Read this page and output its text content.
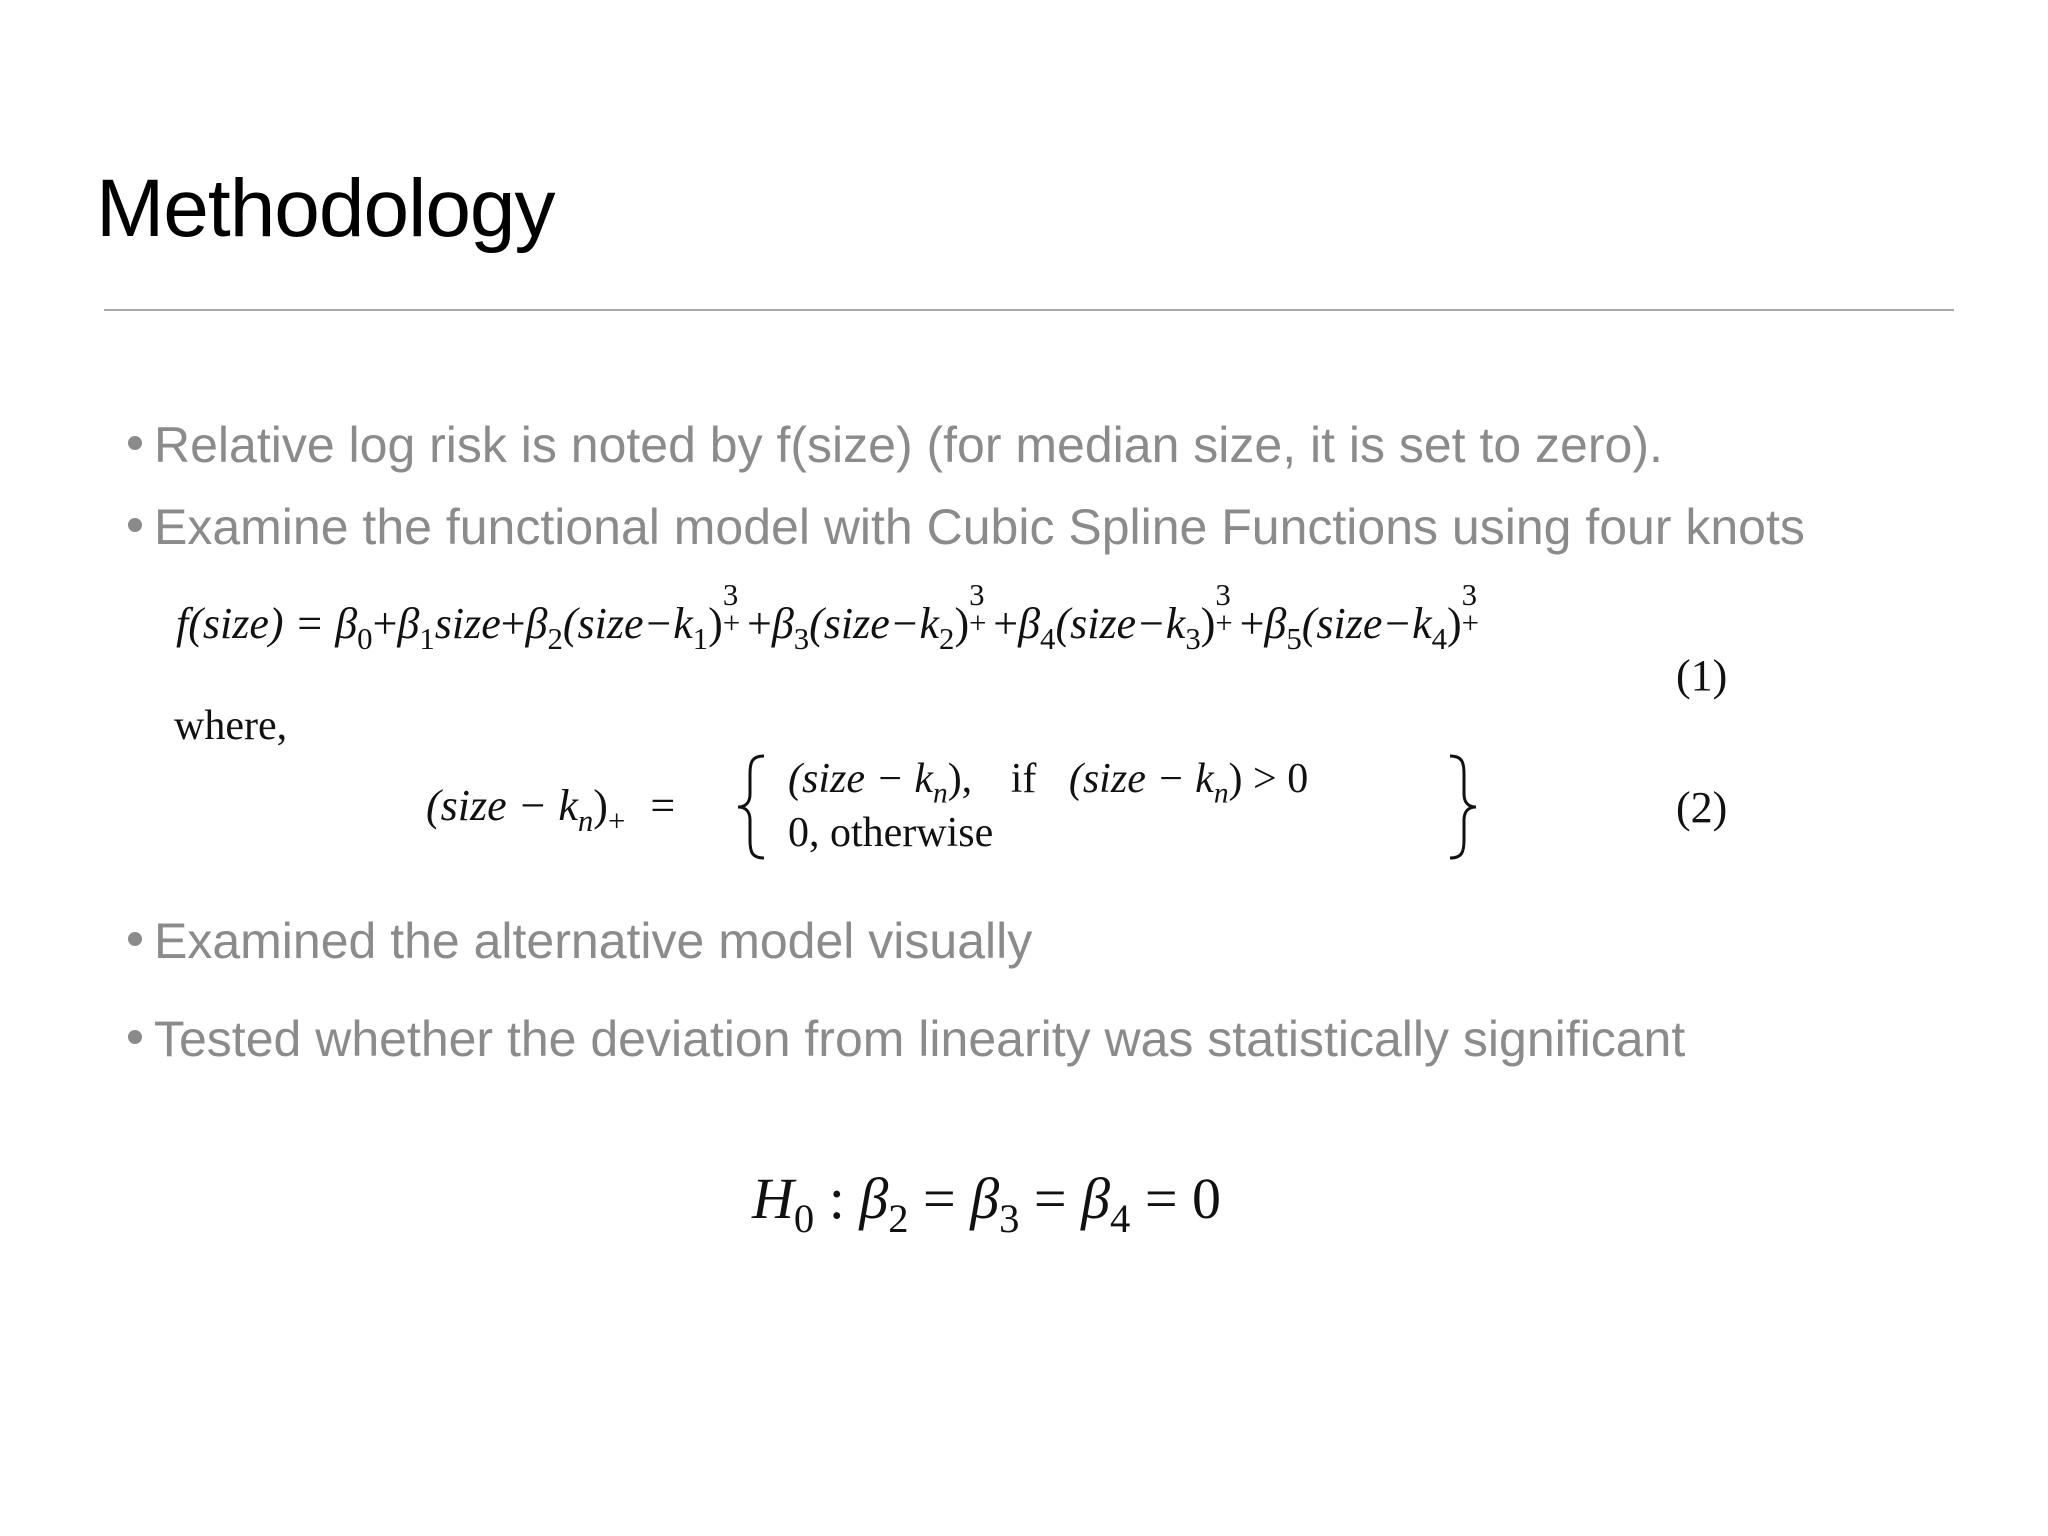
Methodology
Relative log risk is noted by f(size) (for median size, it is set to zero).
Examine the functional model with Cubic Spline Functions using four knots
f(size) = $\beta_0+\beta_1size+\beta_2(size-k_1)$
3
+ $+\beta_3(size-k_2)$
3
+ $+\beta_4(size-k_3)$
3
+ $+\beta_5(size-k_4)$
3
+
(1)
where,
(size − $k_n)_+$ =
(size − $k_n$), if (size − $k_n) > 0$
0, otherwise
(2)
Examined the alternative model visually
Tested whether the deviation from linearity was statistically significant
$H_0$ : $\beta_2 = \beta_3 = \beta_4 = 0$
